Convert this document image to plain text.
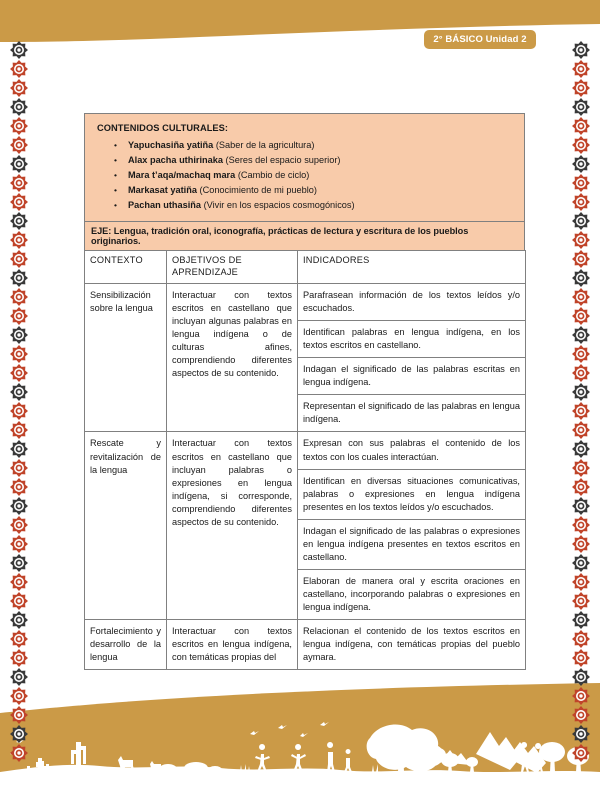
2° BÁSICO Unidad 2
CONTENIDOS CULTURALES:
• Yapuchasiña yatiña (Saber de la agricultura)
• Alax pacha uthirinaka (Seres del espacio superior)
• Mara t’aqa/machaq mara (Cambio de ciclo)
• Markasat yatiña (Conocimiento de mi pueblo)
• Pachan uthasiña (Vivir en los espacios cosmogónicos)
EJE: Lengua, tradición oral, iconografía, prácticas de lectura y escritura de los pueblos originarios.
CONTEXTO	OBJETIVOS DE APRENDIZAJE	INDICADORES
Sensibilización sobre la lengua	Interactuar con textos escritos en castellano que incluyan algunas palabras en lengua indígena o de culturas afines, comprendiendo diferentes aspectos de su contenido.	Parafrasean información de los textos leídos y/o escuchados.
		Identifican palabras en lengua indígena, en los textos escritos en castellano.
		Indagan el significado de las palabras escritas en lengua indígena.
		Representan el significado de las palabras en lengua indígena.
Rescate y revitalización de la lengua	Interactuar con textos escritos en castellano que incluyan palabras o expresiones en lengua indígena, si corresponde, comprendiendo diferentes aspectos de su contenido.	Expresan con sus palabras el contenido de los textos con los cuales interactúan.
		Identifican en diversas situaciones comunicativas, palabras o expresiones en lengua indígena presentes en los textos leídos y/o escuchados.
		Indagan el significado de las palabras o expresiones en lengua indígena presentes en textos escritos en castellano.
		Elaboran de manera oral y escrita oraciones en castellano, incorporando palabras o expresiones en lengua indígena.
Fortalecimiento y desarrollo de la lengua	Interactuar con textos escritos en lengua indígena, con temáticas propias del	Relacionan el contenido de los textos escritos en lengua indígena, con temáticas propias del pueblo aymara.
